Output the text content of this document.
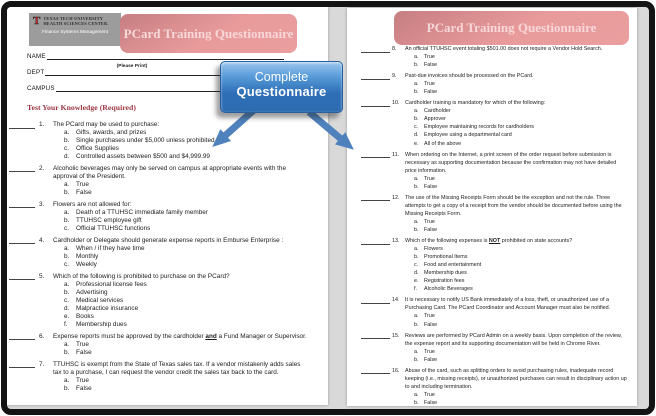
T TEXAS TECH UNIVERSITY
HEALTH SCIENCES CENTER.
Finance Systems Management	PCard Training Questionnaire
NAME
(Please Print)
DEPT
CAMPUS
Test Your Knowledge (Required)
1.	The PCard may be used to purchase:
a.	Gifts, awards, and prizes
b.	Single purchases under $5,000 unless prohibited
c.	Office Supplies
d.	Controlled assets between $500 and $4,999.99
2.	Alcoholic beverages may only be served on campus at appropriate events with the approval of the President.
a.	True
b.	False
3.	Flowers are not allowed for:
a.	Death of a TTUHSC immediate family member
b.	TTUHSC employee gift
c.	Official TTUHSC functions
4.	Cardholder or Delegate should generate expense reports in Emburse Enterprise :
a.	When / if they have time
b.	Monthly
c.	Weekly
5.	Which of the following is prohibited to purchase on the PCard?
a.	Professional license fees
b.	Advertising
c.	Medical services
d.	Malpractice insurance
e.	Books
f.	Membership dues
6.	Expense reports must be approved by the cardholder and a Fund Manager or Supervisor.
a.	True
b.	False
7.	TTUHSC is exempt from the State of Texas sales tax. If a vendor mistakenly adds sales tax to a purchase, I can request the vendor credit the sales tax back to the card.
a.	True
b.	False
PCard Training Questionnaire
8.	An official TTUHSC event totaling $501.00 does not require a Vendor Hold Search.
a.	True
b.	False
9.	Past-due invoices should be processed on the PCard.
a.	True
b.	False
10.	Cardholder training is mandatory for which of the following:
a.	Cardholder
b.	Approver
c.	Employee maintaining records for cardholders
d.	Employee using a departmental card
e.	All of the above
11.	When ordering on the Internet, a print screen of the order request before submission is necessary as supporting documentation because the confirmation may not have detailed price information.
a.	True
b.	False
12.	The use of the Missing Receipts Form should be the exception and not the rule. Three attempts to get a copy of a receipt from the vendor should be documented before using the Missing Receipts Form.
a.	True
b.	False
13.	Which of the following expenses is NOT prohibited on state accounts?
a.	Flowers
b.	Promotional Items
c.	Food and entertainment
d.	Membership dues
e.	Registration fees
f.	Alcoholic Beverages
14.	It is necessary to notify US Bank immediately of a loss, theft, or unauthorized use of a Purchasing Card. The PCard Coordinator and Account Manager must also be notified.
a.	True
b.	False
15.	Reviews are performed by PCard Admin on a weekly basis. Upon completion of the review, the expense report and its supporting documentation will be held in Chrome River.
a.	True
b.	False
16.	Abuse of the card, such as splitting orders to avoid purchasing rules, inadequate record keeping (i.e., missing receipts), or unauthorized purchases can result in disciplinary action up to and including termination.
a.	True
b.	False
Complete
Questionnaire
